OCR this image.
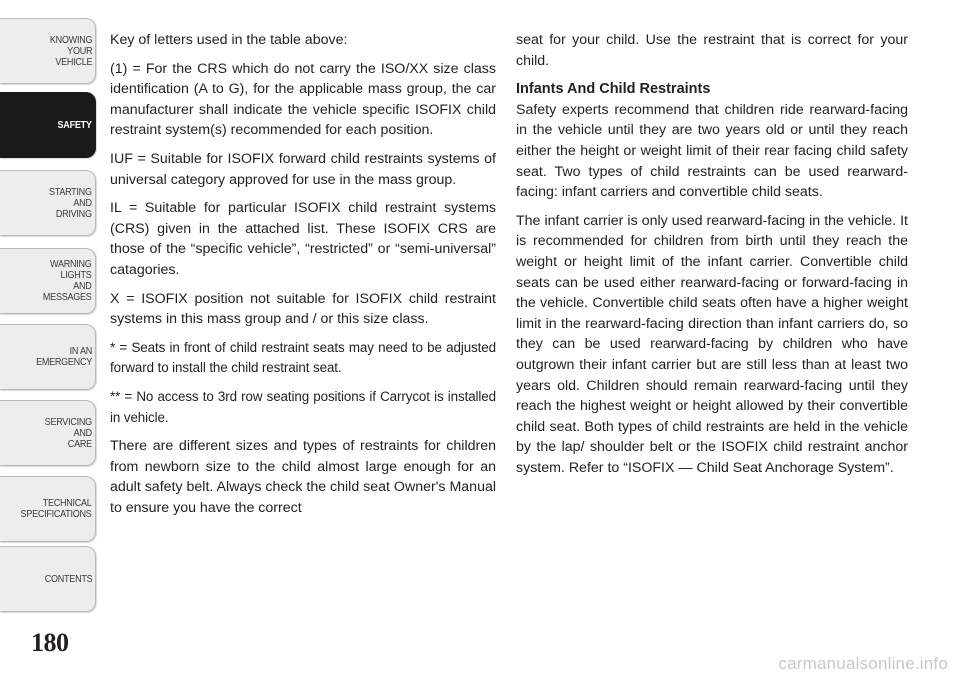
KNOWING
YOUR
VEHICLE
SAFETY
STARTING
AND
DRIVING
WARNING
LIGHTS
AND
MESSAGES
IN AN
EMERGENCY
SERVICING
AND
CARE
TECHNICAL
SPECIFICATIONS
CONTENTS
180

Key of letters used in the table above:

(1) = For the CRS which do not carry the ISO/XX size class identification (A to G), for the applicable mass group, the car manufacturer shall indicate the vehicle specific ISOFIX child restraint system(s) recommended for each position.

IUF = Suitable for ISOFIX forward child restraints systems of universal category approved for use in the mass group.

IL = Suitable for particular ISOFIX child restraint systems (CRS) given in the attached list. These ISOFIX CRS are those of the “specific vehicle”, “restricted” or “semi-universal” catagories.

X = ISOFIX position not suitable for ISOFIX child restraint systems in this mass group and / or this size class.

* = Seats in front of child restraint seats may need to be adjusted forward to install the child restraint seat.

** = No access to 3rd row seating positions if Carrycot is installed in vehicle.

There are different sizes and types of restraints for children from newborn size to the child almost large enough for an adult safety belt. Always check the child seat Owner's Manual to ensure you have the correct

seat for your child. Use the restraint that is correct for your child.

Infants And Child Restraints

Safety experts recommend that children ride rearward-facing in the vehicle until they are two years old or until they reach either the height or weight limit of their rear facing child safety seat. Two types of child restraints can be used rearward-facing: infant carriers and convertible child seats.

The infant carrier is only used rearward-facing in the vehicle. It is recommended for children from birth until they reach the weight or height limit of the infant carrier. Convertible child seats can be used either rearward-facing or forward-facing in the vehicle. Convertible child seats often have a higher weight limit in the rearward-facing direction than infant carriers do, so they can be used rearward-facing by children who have outgrown their infant carrier but are still less than at least two years old. Children should remain rearward-facing until they reach the highest weight or height allowed by their convertible child seat. Both types of child restraints are held in the vehicle by the lap/ shoulder belt or the ISOFIX child restraint anchor system. Refer to “ISOFIX — Child Seat Anchorage System”.

carmanualsonline.info
